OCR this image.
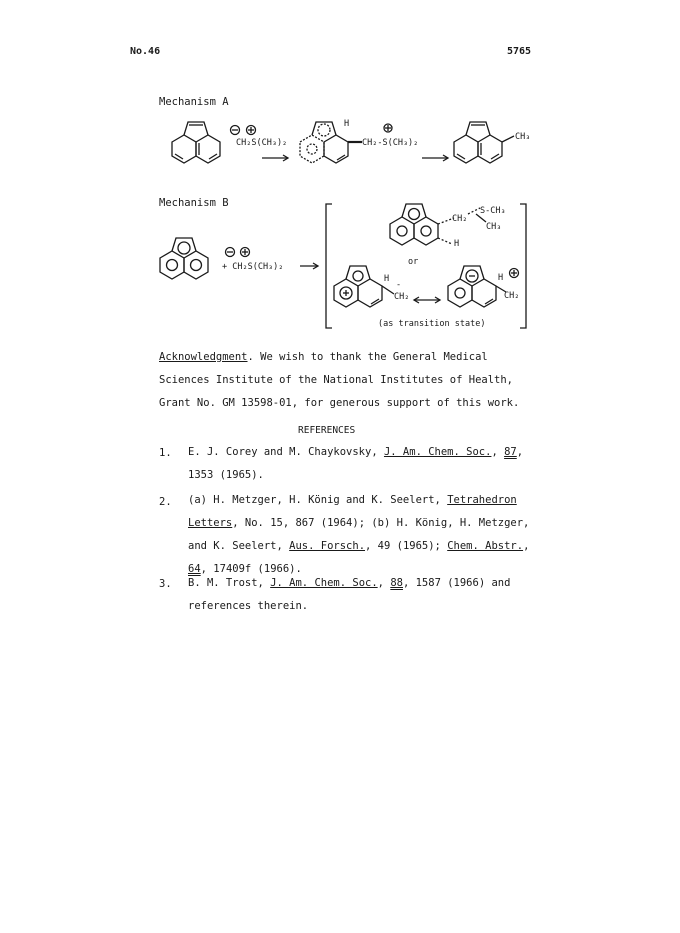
No.46	5765
Mechanism A
CH₂S(CH₃)₂
H
CH₂-S(CH₃)₂
CH₃
Mechanism B
+ CH₂S(CH₃)₂
S-CH₃
CH₂
CH₃
H
or
H
-
CH₂
H
CH₂
(as transition state)
Acknowledgment. We wish to thank the General Medical
Sciences Institute of the National Institutes of Health,
Grant No. GM 13598-01, for generous support of this work.
REFERENCES
1. E. J. Corey and M. Chaykovsky, J. Am. Chem. Soc., 87,
1353 (1965).
2. (a) H. Metzger, H. König and K. Seelert, Tetrahedron
Letters, No. 15, 867 (1964); (b) H. König, H. Metzger,
and K. Seelert, Aus. Forsch., 49 (1965); Chem. Abstr.,
64, 17409f (1966).
3. B. M. Trost, J. Am. Chem. Soc., 88, 1587 (1966) and
references therein.
